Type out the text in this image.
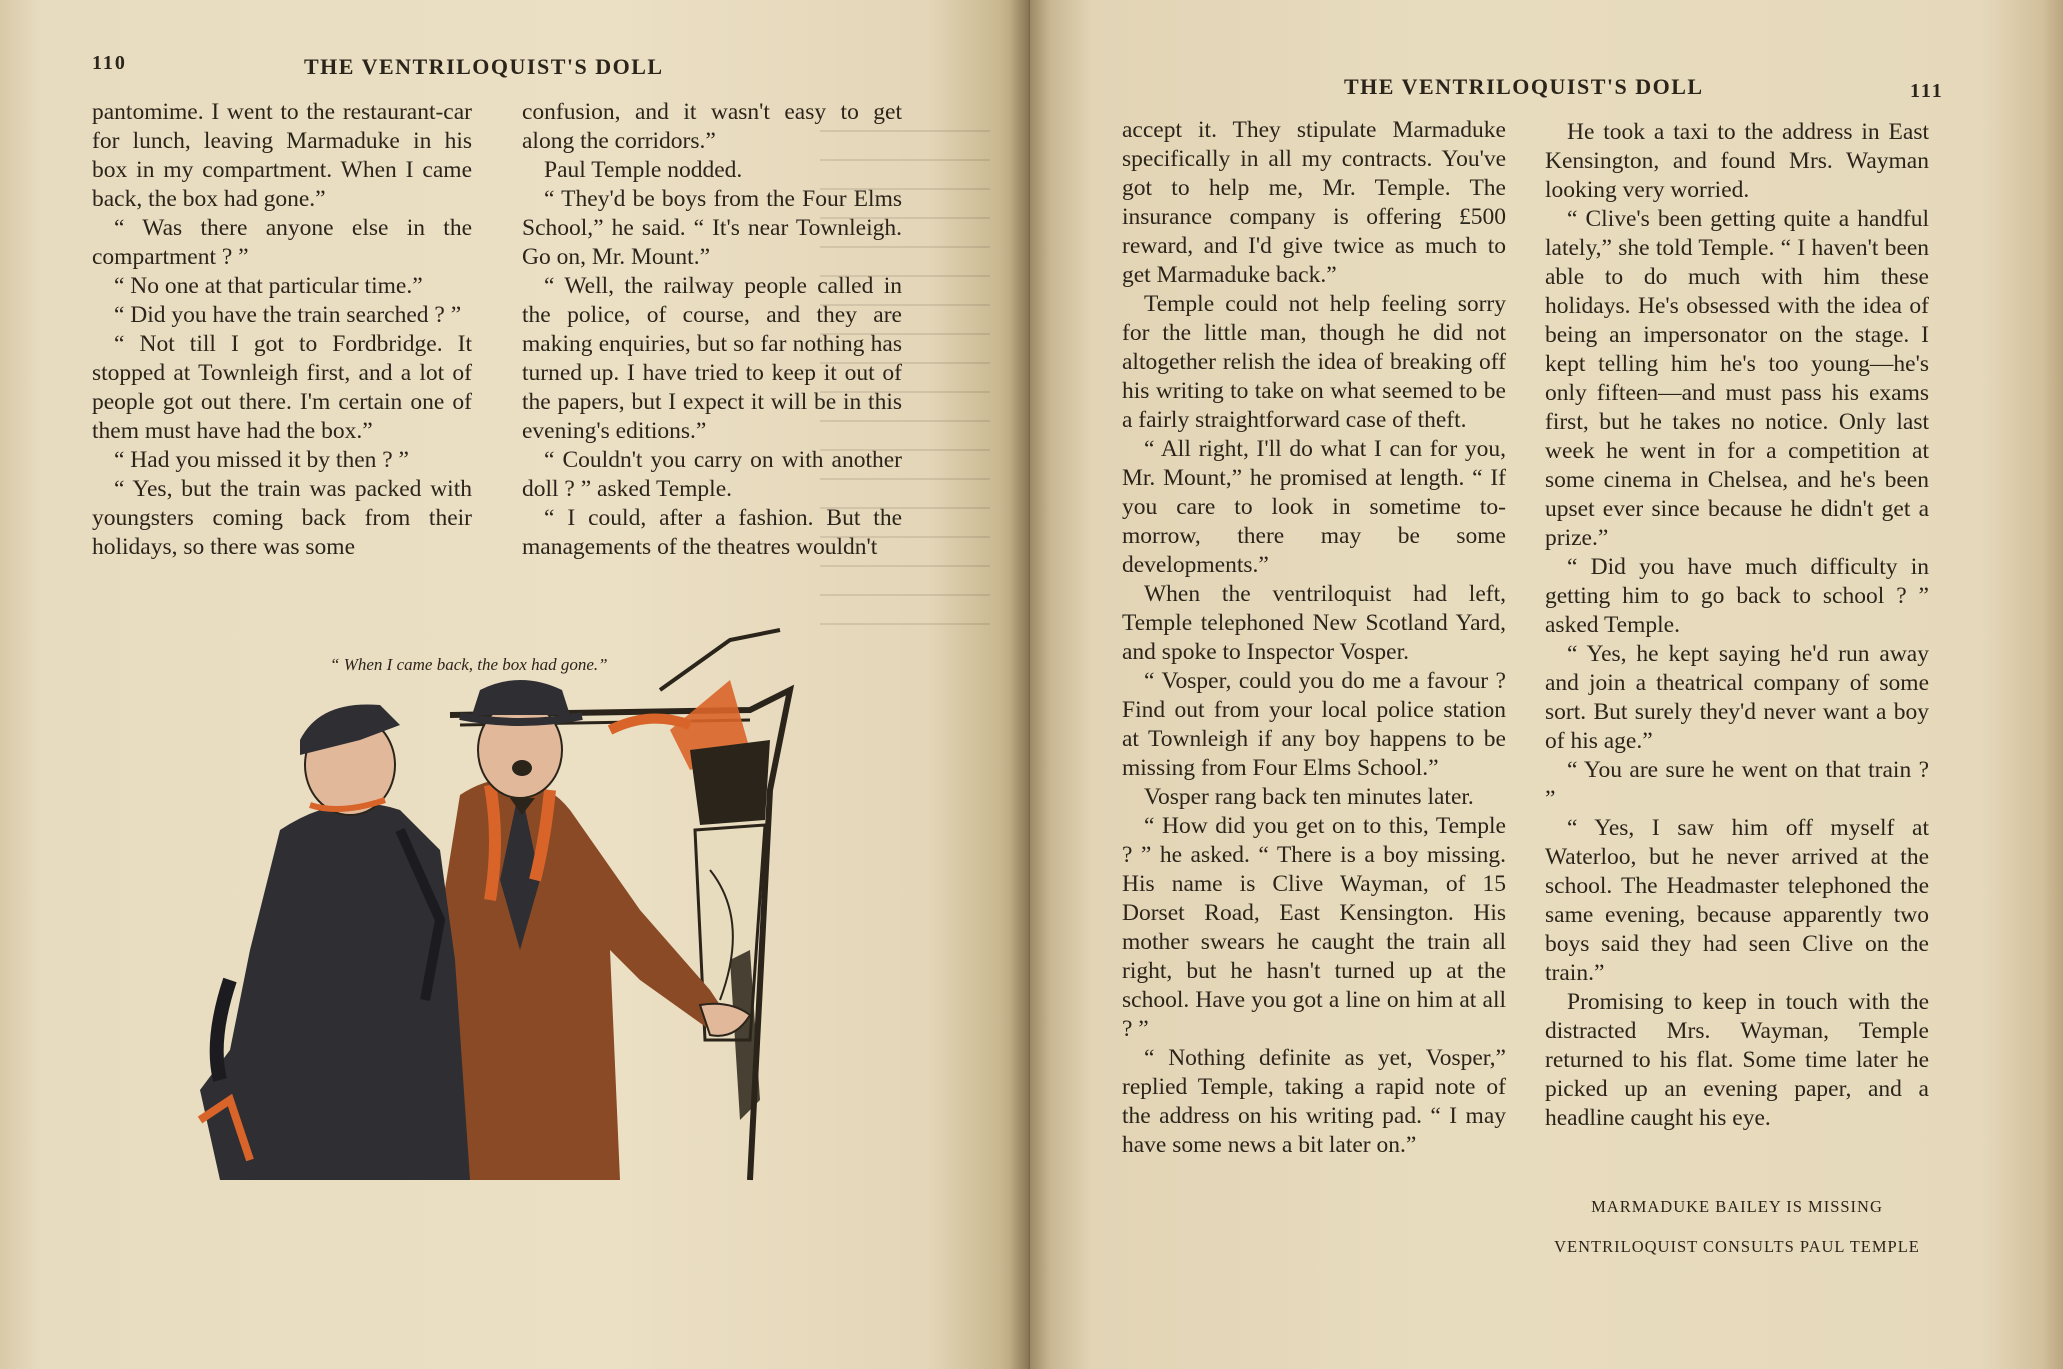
110	THE VENTRILOQUIST'S DOLL

pantomime. I went to the restaurant-car for lunch, leaving Marmaduke in his box in my compartment. When I came back, the box had gone.”

“ Was there anyone else in the compartment ? ”

“ No one at that particular time.”

“ Did you have the train searched ? ”

“ Not till I got to Fordbridge. It stopped at Townleigh first, and a lot of people got out there. I'm certain one of them must have had the box.”

“ Had you missed it by then ? ”

“ Yes, but the train was packed with youngsters coming back from their holidays, so there was some

confusion, and it wasn't easy to get along the corridors.”

Paul Temple nodded.

“ They'd be boys from the Four Elms School,” he said. “ It's near Townleigh. Go on, Mr. Mount.”

“ Well, the railway people called in the police, of course, and they are making enquiries, but so far nothing has turned up. I have tried to keep it out of the papers, but I expect it will be in this evening's editions.”

“ Couldn't you carry on with another doll ? ” asked Temple.

“ I could, after a fashion. But the managements of the theatres wouldn't

“ When I came back, the box had gone.”
THE VENTRILOQUIST'S DOLL	111

accept it. They stipulate Marmaduke specifically in all my contracts. You've got to help me, Mr. Temple. The insurance company is offering £500 reward, and I'd give twice as much to get Marmaduke back.”

Temple could not help feeling sorry for the little man, though he did not altogether relish the idea of breaking off his writing to take on what seemed to be a fairly straightforward case of theft.

“ All right, I'll do what I can for you, Mr. Mount,” he promised at length. “ If you care to look in sometime to-morrow, there may be some developments.”

When the ventriloquist had left, Temple telephoned New Scotland Yard, and spoke to Inspector Vosper.

“ Vosper, could you do me a favour ? Find out from your local police station at Townleigh if any boy happens to be missing from Four Elms School.”

Vosper rang back ten minutes later.

“ How did you get on to this, Temple ? ” he asked. “ There is a boy missing. His name is Clive Wayman, of 15 Dorset Road, East Kensington. His mother swears he caught the train all right, but he hasn't turned up at the school. Have you got a line on him at all ? ”

“ Nothing definite as yet, Vosper,” replied Temple, taking a rapid note of the address on his writing pad. “ I may have some news a bit later on.”

He took a taxi to the address in East Kensington, and found Mrs. Wayman looking very worried.

“ Clive's been getting quite a handful lately,” she told Temple. “ I haven't been able to do much with him these holidays. He's obsessed with the idea of being an impersonator on the stage. I kept telling him he's too young—he's only fifteen—and must pass his exams first, but he takes no notice. Only last week he went in for a competition at some cinema in Chelsea, and he's been upset ever since because he didn't get a prize.”

“ Did you have much difficulty in getting him to go back to school ? ” asked Temple.

“ Yes, he kept saying he'd run away and join a theatrical company of some sort. But surely they'd never want a boy of his age.”

“ You are sure he went on that train ? ”

“ Yes, I saw him off myself at Waterloo, but he never arrived at the school. The Headmaster telephoned the same evening, because apparently two boys said they had seen Clive on the train.”

Promising to keep in touch with the distracted Mrs. Wayman, Temple returned to his flat. Some time later he picked up an evening paper, and a headline caught his eye.

MARMADUKE BAILEY IS MISSING
VENTRILOQUIST CONSULTS PAUL TEMPLE
